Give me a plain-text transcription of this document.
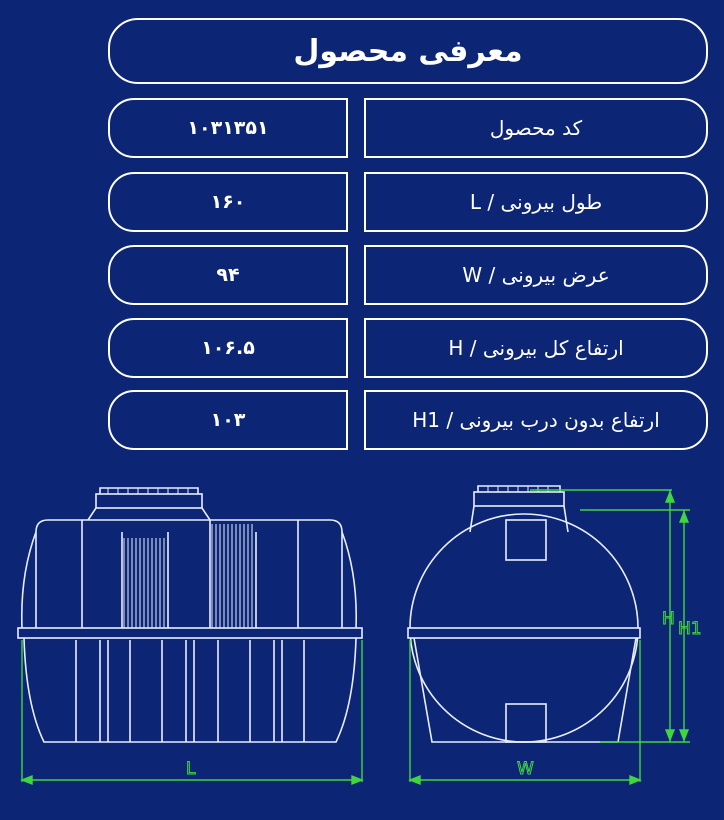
معرفی محصول
کد محصول
۱۰۳۱۳۵۱
طول بیرونی / L
۱۶۰
عرض بیرونی / W
۹۴
ارتفاع کل بیرونی / H
۱۰۶.۵
ارتفاع بدون درب بیرونی / H1
۱۰۳
L	W
H H1
